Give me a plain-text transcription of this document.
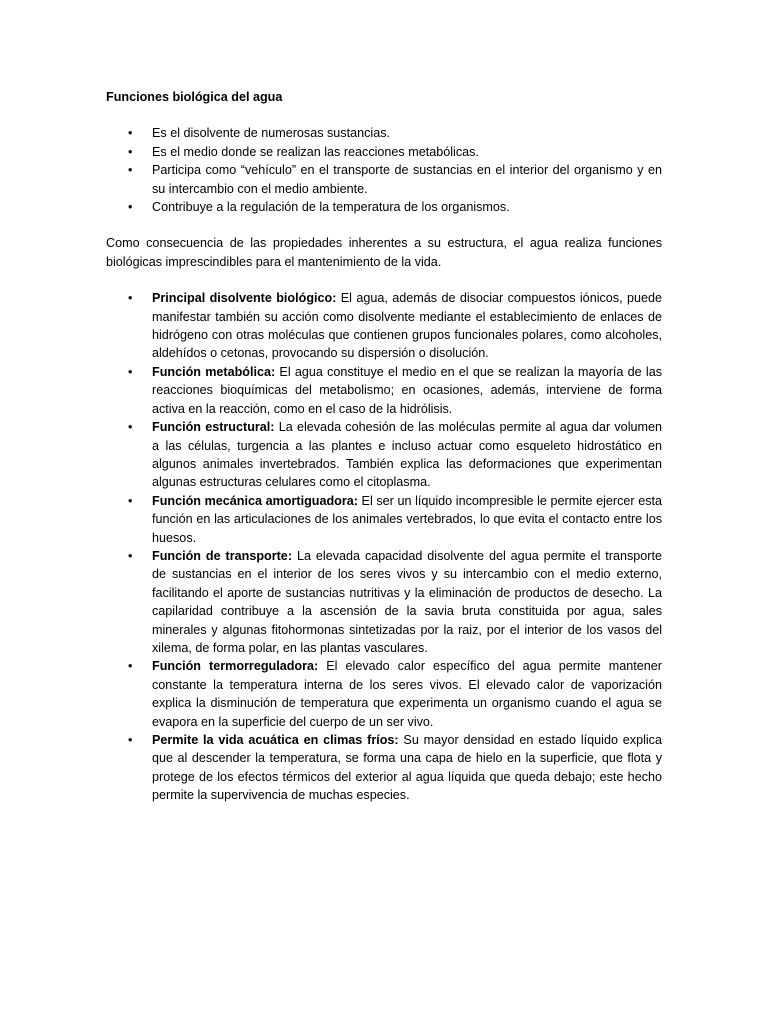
Funciones biológica del agua
• Es el disolvente de numerosas sustancias.
• Es el medio donde se realizan las reacciones metabólicas.
• Participa como “vehículo” en el transporte de sustancias en el interior del organismo y en su intercambio con el medio ambiente.
• Contribuye a la regulación de la temperatura de los organismos.

Como consecuencia de las propiedades inherentes a su estructura, el agua realiza funciones biológicas imprescindibles para el mantenimiento de la vida.

• Principal disolvente biológico: El agua, además de disociar compuestos iónicos, puede manifestar también su acción como disolvente mediante el establecimiento de enlaces de hidrógeno con otras moléculas que contienen grupos funcionales polares, como alcoholes, aldehídos o cetonas, provocando su dispersión o disolución.
• Función metabólica: El agua constituye el medio en el que se realizan la mayoría de las reacciones bioquímicas del metabolismo; en ocasiones, además, interviene de forma activa en la reacción, como en el caso de la hidrólisis.
• Función estructural: La elevada cohesión de las moléculas permite al agua dar volumen a las células, turgencia a las plantes e incluso actuar como esqueleto hidrostático en algunos animales invertebrados. También explica las deformaciones que experimentan algunas estructuras celulares como el citoplasma.
• Función mecánica amortiguadora: El ser un líquido incompresible le permite ejercer esta función en las articulaciones de los animales vertebrados, lo que evita el contacto entre los huesos.
• Función de transporte: La elevada capacidad disolvente del agua permite el transporte de sustancias en el interior de los seres vivos y su intercambio con el medio externo, facilitando el aporte de sustancias nutritivas y la eliminación de productos de desecho. La capilaridad contribuye a la ascensión de la savia bruta constituida por agua, sales minerales y algunas fitohormonas sintetizadas por la raiz, por el interior de los vasos del xilema, de forma polar, en las plantas vasculares.
• Función termorreguladora: El elevado calor específico del agua permite mantener constante la temperatura interna de los seres vivos. El elevado calor de vaporización explica la disminución de temperatura que experimenta un organismo cuando el agua se evapora en la superficie del cuerpo de un ser vivo.
• Permite la vida acuática en climas fríos: Su mayor densidad en estado líquido explica que al descender la temperatura, se forma una capa de hielo en la superficie, que flota y protege de los efectos térmicos del exterior al agua líquida que queda debajo; este hecho permite la supervivencia de muchas especies.
